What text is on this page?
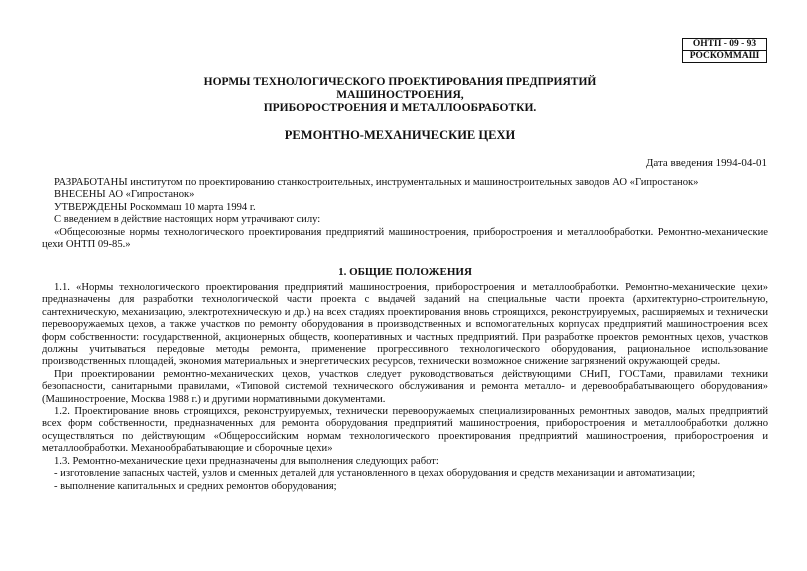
ОНТП - 09 - 93
РОСКОММАШ
НОРМЫ ТЕХНОЛОГИЧЕСКОГО ПРОЕКТИРОВАНИЯ ПРЕДПРИЯТИЙ
МАШИНОСТРОЕНИЯ,
ПРИБОРОСТРОЕНИЯ И МЕТАЛЛООБРАБОТКИ.
РЕМОНТНО-МЕХАНИЧЕСКИЕ ЦЕХИ
Дата введения 1994-04-01
РАЗРАБОТАНЫ институтом по проектированию станкостроительных, инструментальных и машиностроительных заводов АО «Гипростанок»
ВНЕСЕНЫ АО «Гипростанок»
УТВЕРЖДЕНЫ Роскоммаш 10 марта 1994 г.
С введением в действие настоящих норм утрачивают силу:
«Общесоюзные нормы технологического проектирования предприятий машиностроения, приборостроения и металлообработки. Ремонтно-механические цехи ОНТП 09-85.»
1. ОБЩИЕ ПОЛОЖЕНИЯ
1.1. «Нормы технологического проектирования предприятий машиностроения, приборостроения и металлообработки. Ремонтно-механические цехи» предназначены для разработки технологической части проекта с выдачей заданий на специальные части проекта (архитектурно-строительную, сантехническую, механизацию, электротехническую и др.) на всех стадиях проектирования вновь строящихся, реконструируемых, расширяемых и технически перевооружаемых цехов, а также участков по ремонту оборудования в производственных и вспомогательных корпусах предприятий машиностроения всех форм собственности: государственной, акционерных обществ, кооперативных и частных предприятий. При разработке проектов ремонтных цехов, участков должны учитываться передовые методы ремонта, применение прогрессивного технологического оборудования, рациональное использование производственных площадей, экономия материальных и энергетических ресурсов, технически возможное снижение загрязнений окружающей среды.
При проектировании ремонтно-механических цехов, участков следует руководствоваться действующими СНиП, ГОСТами, правилами техники безопасности, санитарными правилами, «Типовой системой технического обслуживания и ремонта металло- и деревообрабатывающего оборудования» (Машиностроение, Москва 1988 г.) и другими нормативными документами.
1.2. Проектирование вновь строящихся, реконструируемых, технически перевооружаемых специализированных ремонтных заводов, малых предприятий всех форм собственности, предназначенных для ремонта оборудования предприятий машиностроения, приборостроения и металлообработки должно осуществляться по действующим «Общероссийским нормам технологического проектирования предприятий машиностроения, приборостроения и металлообработки. Механообрабатывающие и сборочные цехи»
1.3. Ремонтно-механические цехи предназначены для выполнения следующих работ:
- изготовление запасных частей, узлов и сменных деталей для установленного в цехах оборудования и средств механизации и автоматизации;
- выполнение капитальных и средних ремонтов оборудования;
